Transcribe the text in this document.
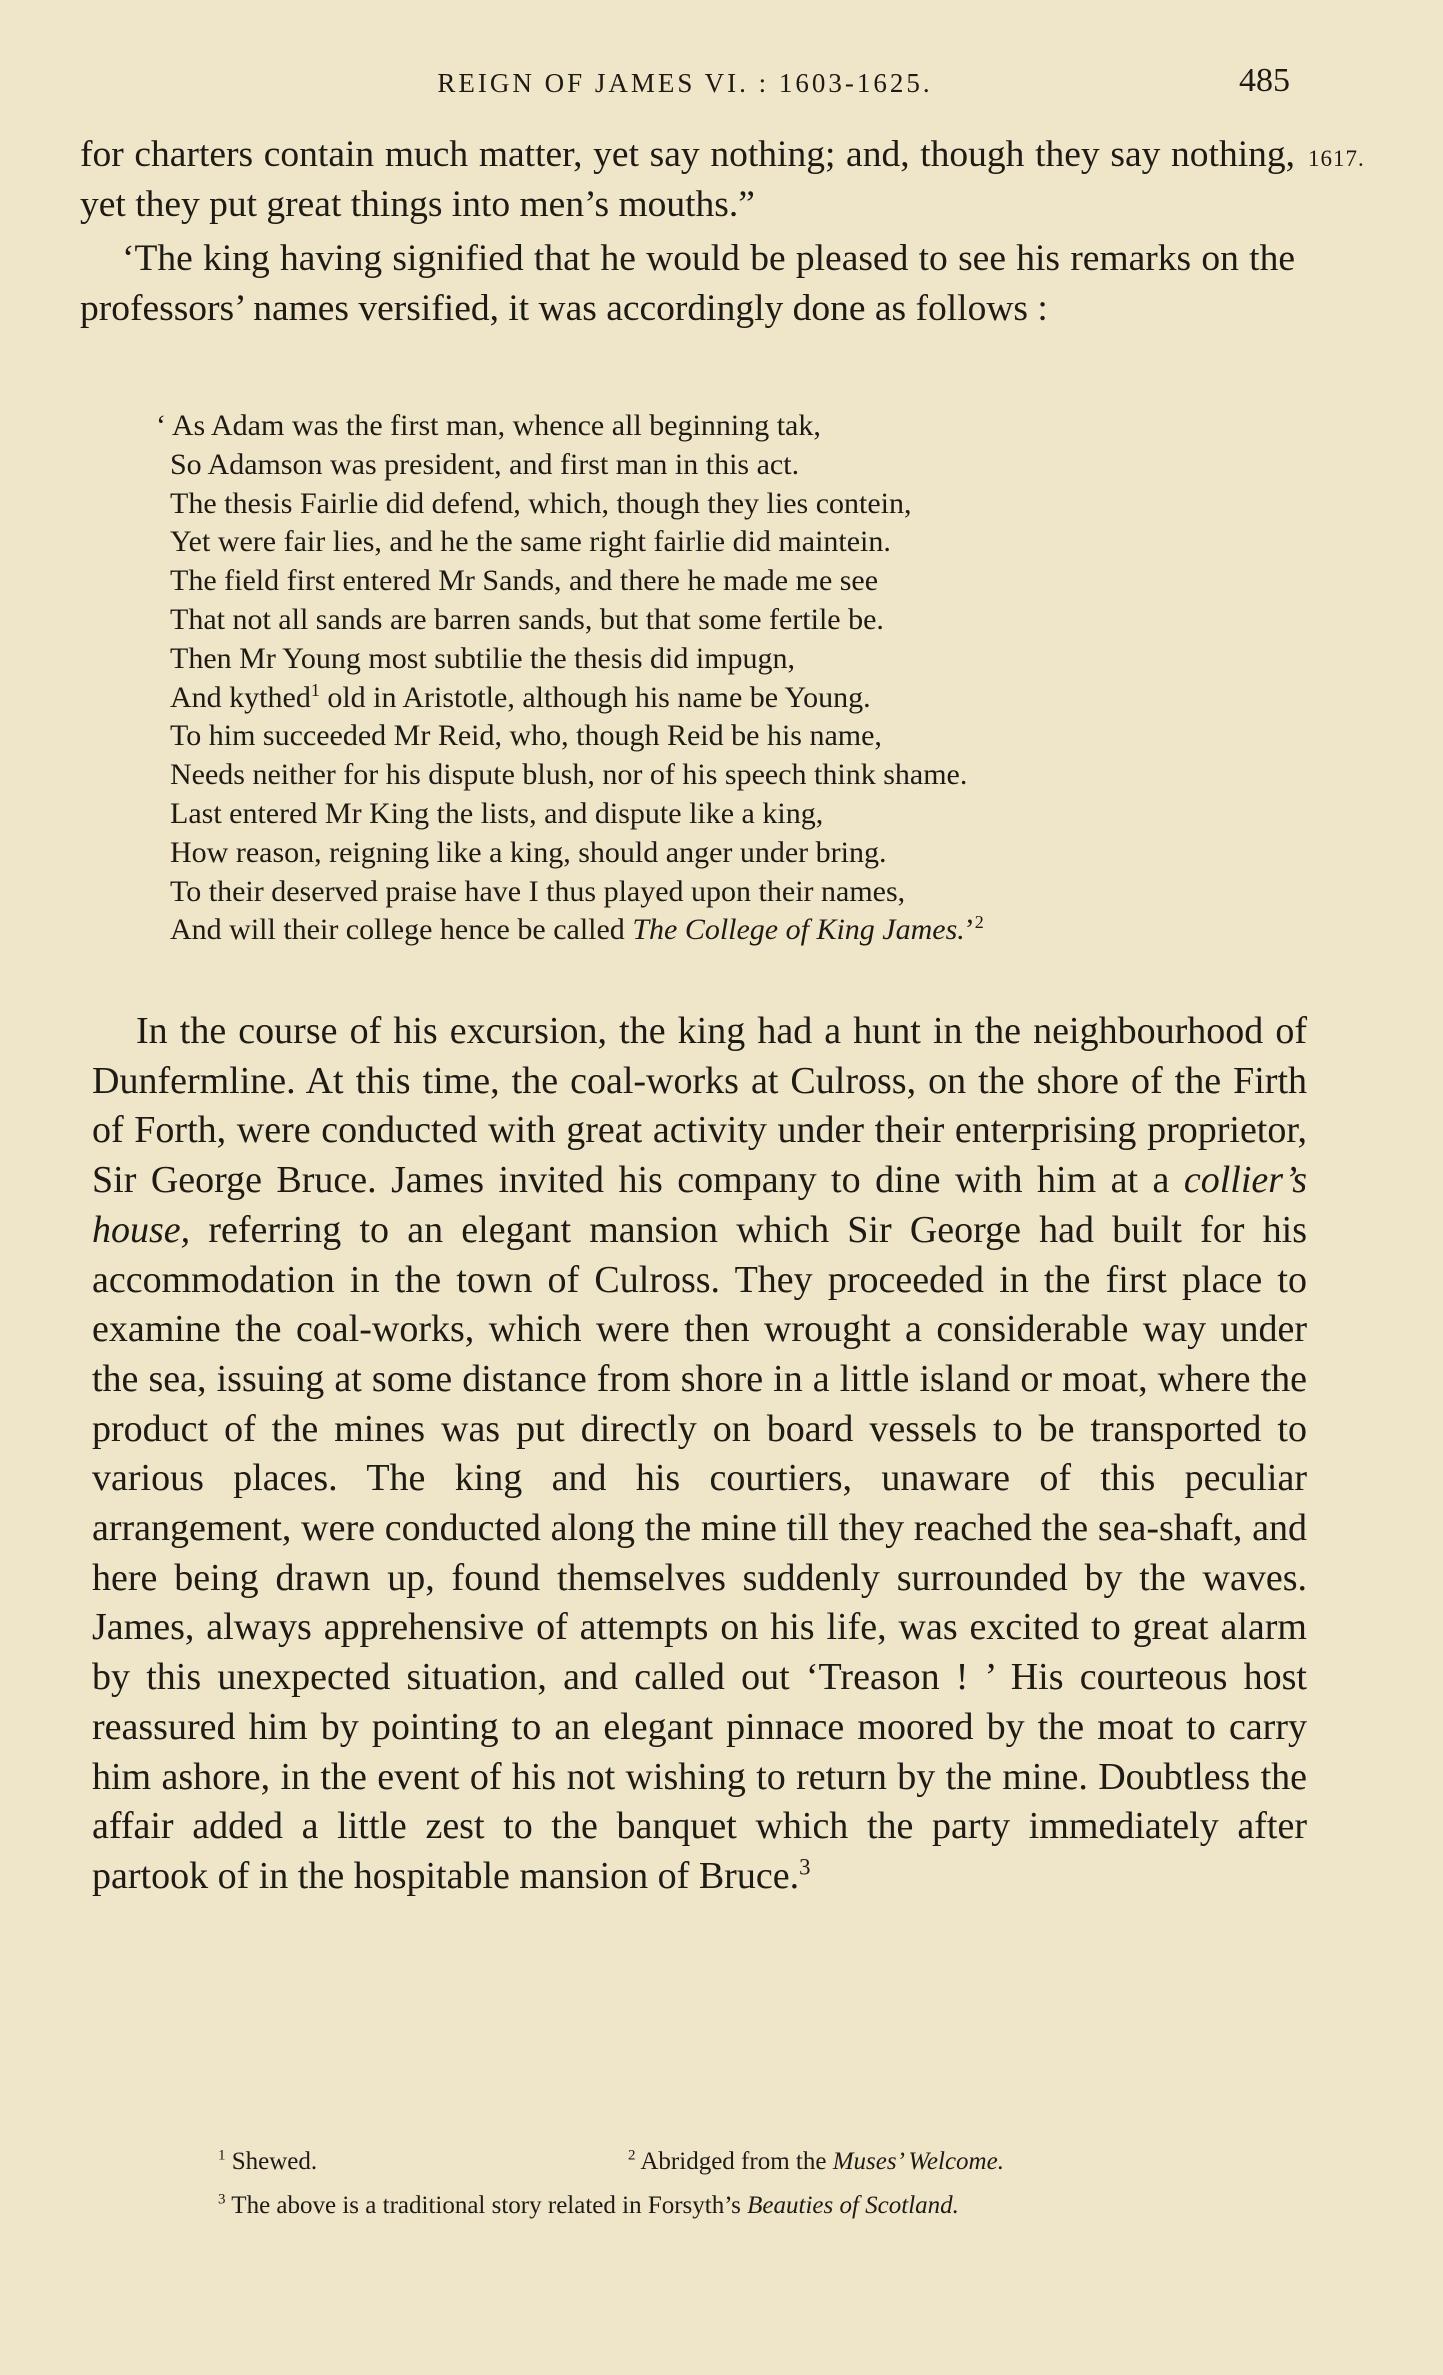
REIGN OF JAMES VI. : 1603-1625.	485
1617.

for charters contain much matter, yet say nothing; and, though they say nothing, yet they put great things into men’s mouths.”

‘The king having signified that he would be pleased to see his remarks on the professors’ names versified, it was accordingly done as follows :

‘ As Adam was the first man, whence all beginning tak,
So Adamson was president, and first man in this act.
The thesis Fairlie did defend, which, though they lies contein,
Yet were fair lies, and he the same right fairlie did maintein.
The field first entered Mr Sands, and there he made me see
That not all sands are barren sands, but that some fertile be.
Then Mr Young most subtilie the thesis did impugn,
And kythed$^1$ old in Aristotle, although his name be Young.
To him succeeded Mr Reid, who, though Reid be his name,
Needs neither for his dispute blush, nor of his speech think shame.
Last entered Mr King the lists, and dispute like a king,
How reason, reigning like a king, should anger under bring.
To their deserved praise have I thus played upon their names,
And will their college hence be called The College of King James.’$^2$

In the course of his excursion, the king had a hunt in the neighbourhood of Dunfermline. At this time, the coal-works at Culross, on the shore of the Firth of Forth, were conducted with great activity under their enterprising proprietor, Sir George Bruce. James invited his company to dine with him at a collier’s house, referring to an elegant mansion which Sir George had built for his accommodation in the town of Culross. They proceeded in the first place to examine the coal-works, which were then wrought a considerable way under the sea, issuing at some distance from shore in a little island or moat, where the product of the mines was put directly on board vessels to be transported to various places. The king and his courtiers, unaware of this peculiar arrangement, were conducted along the mine till they reached the sea-shaft, and here being drawn up, found themselves suddenly surrounded by the waves. James, always apprehensive of attempts on his life, was excited to great alarm by this unexpected situation, and called out ‘Treason ! ’ His courteous host reassured him by pointing to an elegant pinnace moored by the moat to carry him ashore, in the event of his not wishing to return by the mine. Doubtless the affair added a little zest to the banquet which the party immediately after partook of in the hospitable mansion of Bruce.$^3$

$^1$ Shewed.	$^2$ Abridged from the Muses’ Welcome.
$^3$ The above is a traditional story related in Forsyth’s Beauties of Scotland.
